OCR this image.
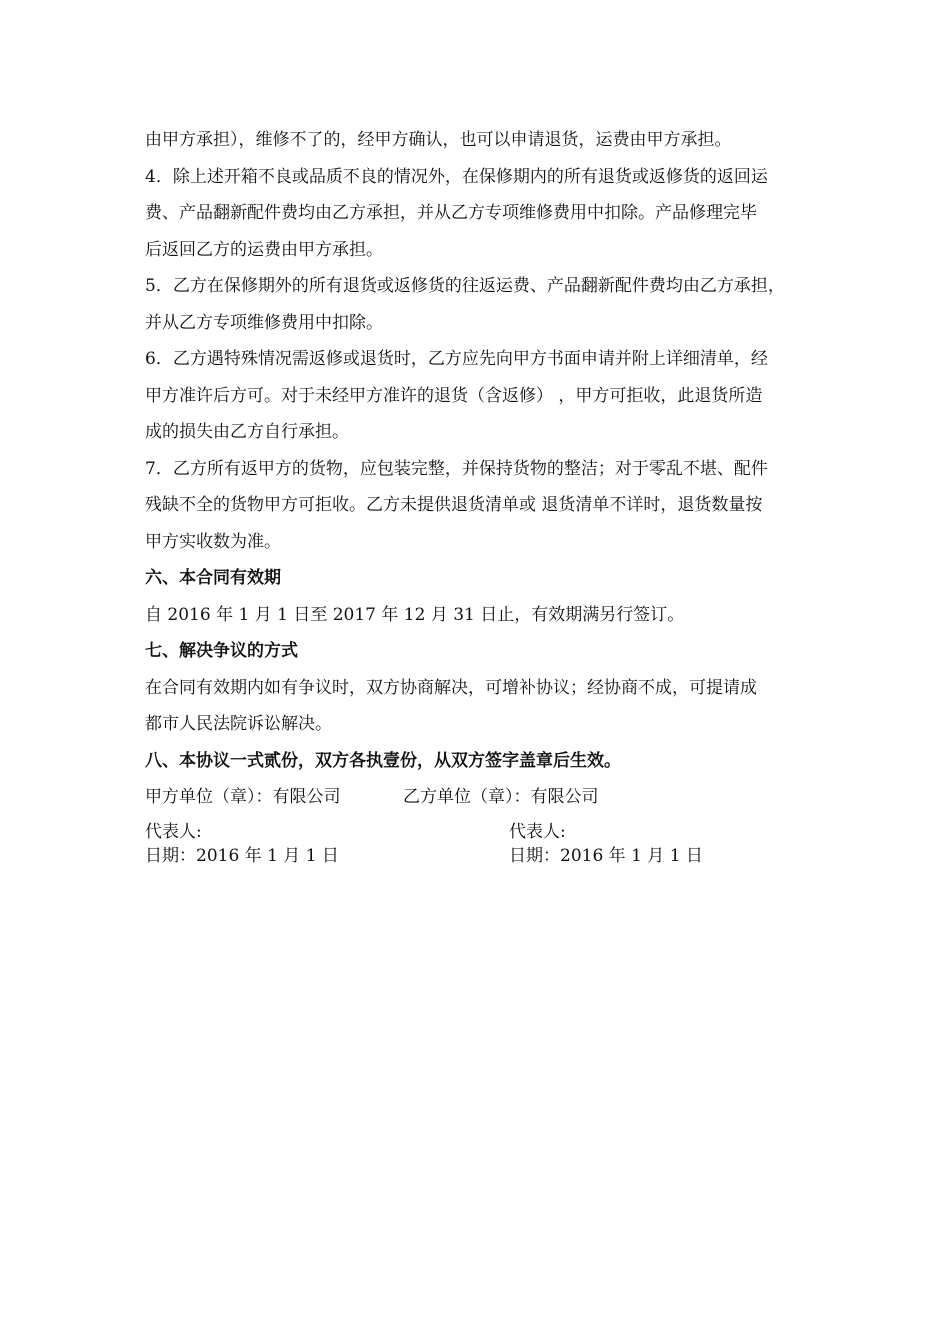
由甲方承担），维修不了的，经甲方确认，也可以申请退货，运费由甲方承担。
4．除上述开箱不良或品质不良的情况外，在保修期内的所有退货或返修货的返回运
费、产品翻新配件费均由乙方承担，并从乙方专项维修费用中扣除。产品修理完毕
后返回乙方的运费由甲方承担。
5．乙方在保修期外的所有退货或返修货的往返运费、产品翻新配件费均由乙方承担，
并从乙方专项维修费用中扣除。
6．乙方遇特殊情况需返修或退货时，乙方应先向甲方书面申请并附上详细清单，经
甲方准许后方可。对于未经甲方准许的退货（含返修） ，甲方可拒收，此退货所造
成的损失由乙方自行承担。
7．乙方所有返甲方的货物，应包装完整，并保持货物的整洁；对于零乱不堪、配件
残缺不全的货物甲方可拒收。乙方未提供退货清单或 退货清单不详时，退货数量按
甲方实收数为准。
六、本合同有效期
自 2016 年 1 月 1 日至 2017 年 12 月 31 日止，有效期满另行签订。
七、解决争议的方式
在合同有效期内如有争议时，双方协商解决，可增补协议；经协商不成，可提请成
都市人民法院诉讼解决。
八、本协议一式贰份，双方各执壹份，从双方签字盖章后生效。
甲方单位（章）：有限公司	乙方单位（章）：有限公司
代表人:
日期：2016 年 1 月 1 日
代表人:
日期：2016 年 1 月 1 日
